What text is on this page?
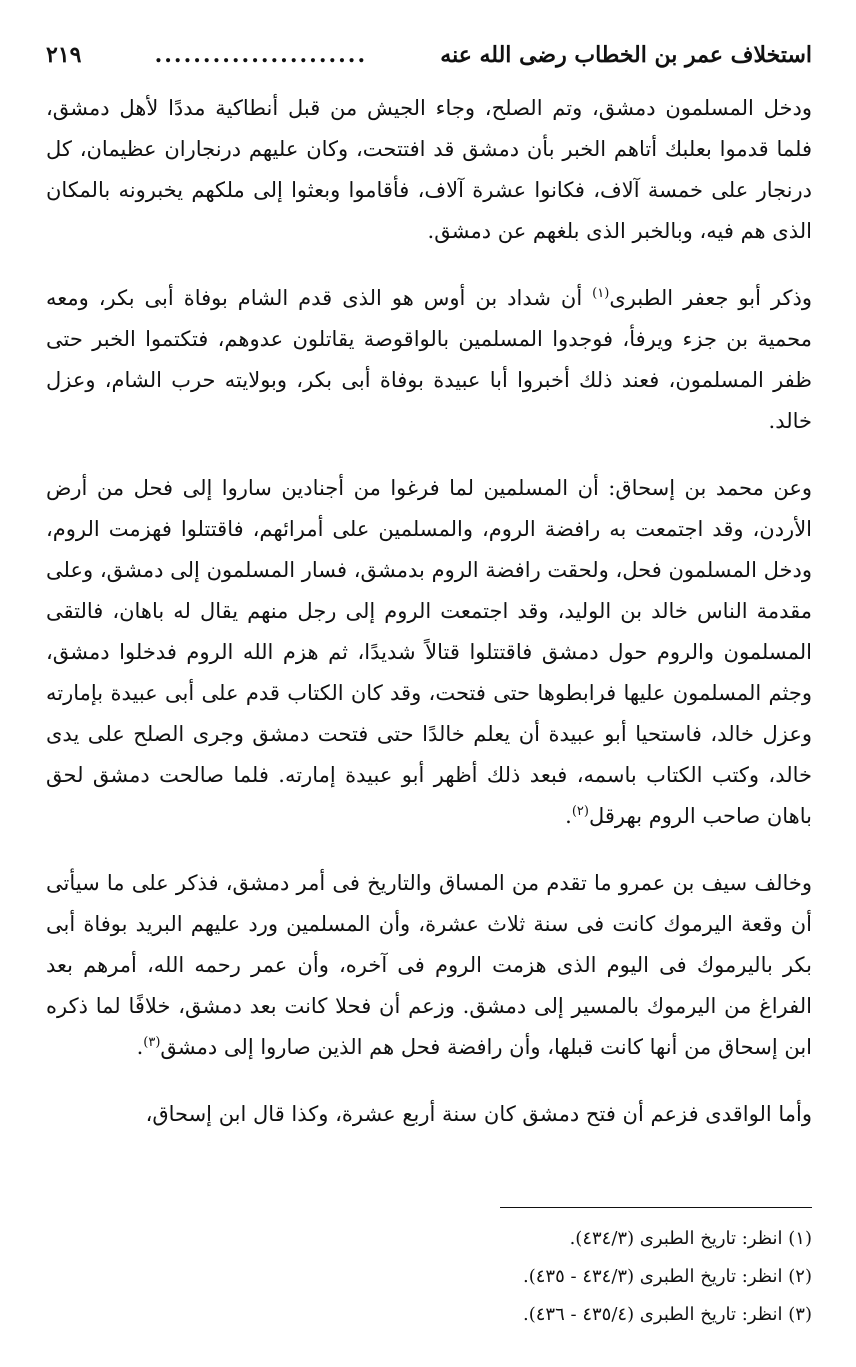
استخلاف عمر بن الخطاب رضى الله عنه
......................
٢١٩

ودخل المسلمون دمشق، وتم الصلح، وجاء الجيش من قبل أنطاكية مددًا لأهل دمشق، فلما قدموا بعلبك أتاهم الخبر بأن دمشق قد افتتحت، وكان عليهم درنجاران عظيمان، كل درنجار على خمسة آلاف، فكانوا عشرة آلاف، فأقاموا وبعثوا إلى ملكهم يخبرونه بالمكان الذى هم فيه، وبالخبر الذى بلغهم عن دمشق.

وذكر أبو جعفر الطبرى$^{(١)}$ أن شداد بن أوس هو الذى قدم الشام بوفاة أبى بكر، ومعه محمية بن جزء ويرفأ، فوجدوا المسلمين بالواقوصة يقاتلون عدوهم، فتكتموا الخبر حتى ظفر المسلمون، فعند ذلك أخبروا أبا عبيدة بوفاة أبى بكر، وبولايته حرب الشام، وعزل خالد.

وعن محمد بن إسحاق: أن المسلمين لما فرغوا من أجنادين ساروا إلى فحل من أرض الأردن، وقد اجتمعت به رافضة الروم، والمسلمين على أمرائهم، فاقتتلوا فهزمت الروم، ودخل المسلمون فحل، ولحقت رافضة الروم بدمشق، فسار المسلمون إلى دمشق، وعلى مقدمة الناس خالد بن الوليد، وقد اجتمعت الروم إلى رجل منهم يقال له باهان، فالتقى المسلمون والروم حول دمشق فاقتتلوا قتالاً شديدًا، ثم هزم الله الروم فدخلوا دمشق، وجثم المسلمون عليها فرابطوها حتى فتحت، وقد كان الكتاب قدم على أبى عبيدة بإمارته وعزل خالد، فاستحيا أبو عبيدة أن يعلم خالدًا حتى فتحت دمشق وجرى الصلح على يدى خالد، وكتب الكتاب باسمه، فبعد ذلك أظهر أبو عبيدة إمارته. فلما صالحت دمشق لحق باهان صاحب الروم بهرقل$^{(٢)}$.

وخالف سيف بن عمرو ما تقدم من المساق والتاريخ فى أمر دمشق، فذكر على ما سيأتى أن وقعة اليرموك كانت فى سنة ثلاث عشرة، وأن المسلمين ورد عليهم البريد بوفاة أبى بكر باليرموك فى اليوم الذى هزمت الروم فى آخره، وأن عمر رحمه الله، أمرهم بعد الفراغ من اليرموك بالمسير إلى دمشق. وزعم أن فحلا كانت بعد دمشق، خلافًا لما ذكره ابن إسحاق من أنها كانت قبلها، وأن رافضة فحل هم الذين صاروا إلى دمشق$^{(٣)}$.

وأما الواقدى فزعم أن فتح دمشق كان سنة أربع عشرة، وكذا قال ابن إسحاق،

(١) انظر: تاريخ الطبرى (٤٣٤/٣).
(٢) انظر: تاريخ الطبرى (٤٣٤/٣ - ٤٣٥).
(٣) انظر: تاريخ الطبرى (٤٣٥/٤ - ٤٣٦).
